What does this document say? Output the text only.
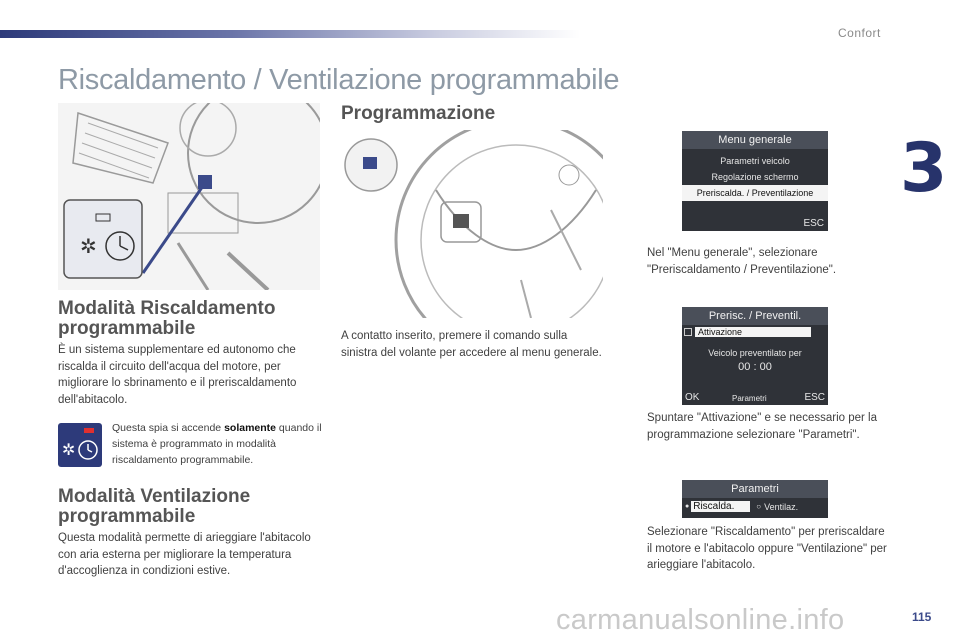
Confort
3
Riscaldamento / Ventilazione programmabile
✲
Modalità Riscaldamento programmabile
È un sistema supplementare ed autonomo che riscalda il circuito dell'acqua del motore, per migliorare lo sbrinamento e il preriscaldamento dell'abitacolo.
✲
Questa spia si accende solamente quando il sistema è programmato in modalità riscaldamento programmabile.
Modalità Ventilazione programmabile
Questa modalità permette di arieggiare l'abitacolo con aria esterna per migliorare la temperatura d'accoglienza in condizioni estive.
Programmazione
A contatto inserito, premere il comando sulla sinistra del volante per accedere al menu generale.
Menu generale
Parametri veicolo
Regolazione schermo
Preriscalda. / Preventilazione
ESC
Nel "Menu generale", selezionare "Preriscaldamento / Preventilazione".
Prerisc. / Preventil.
Attivazione
Veicolo preventilato per
00 : 00
OK	Parametri	ESC
Spuntare "Attivazione" e se necessario per la programmazione selezionare "Parametri".
Parametri
● Riscalda.	○ Ventilaz.
Selezionare "Riscaldamento" per preriscaldare il motore e l'abitacolo oppure "Ventilazione" per arieggiare l'abitacolo.
carmanualsonline.info	115
